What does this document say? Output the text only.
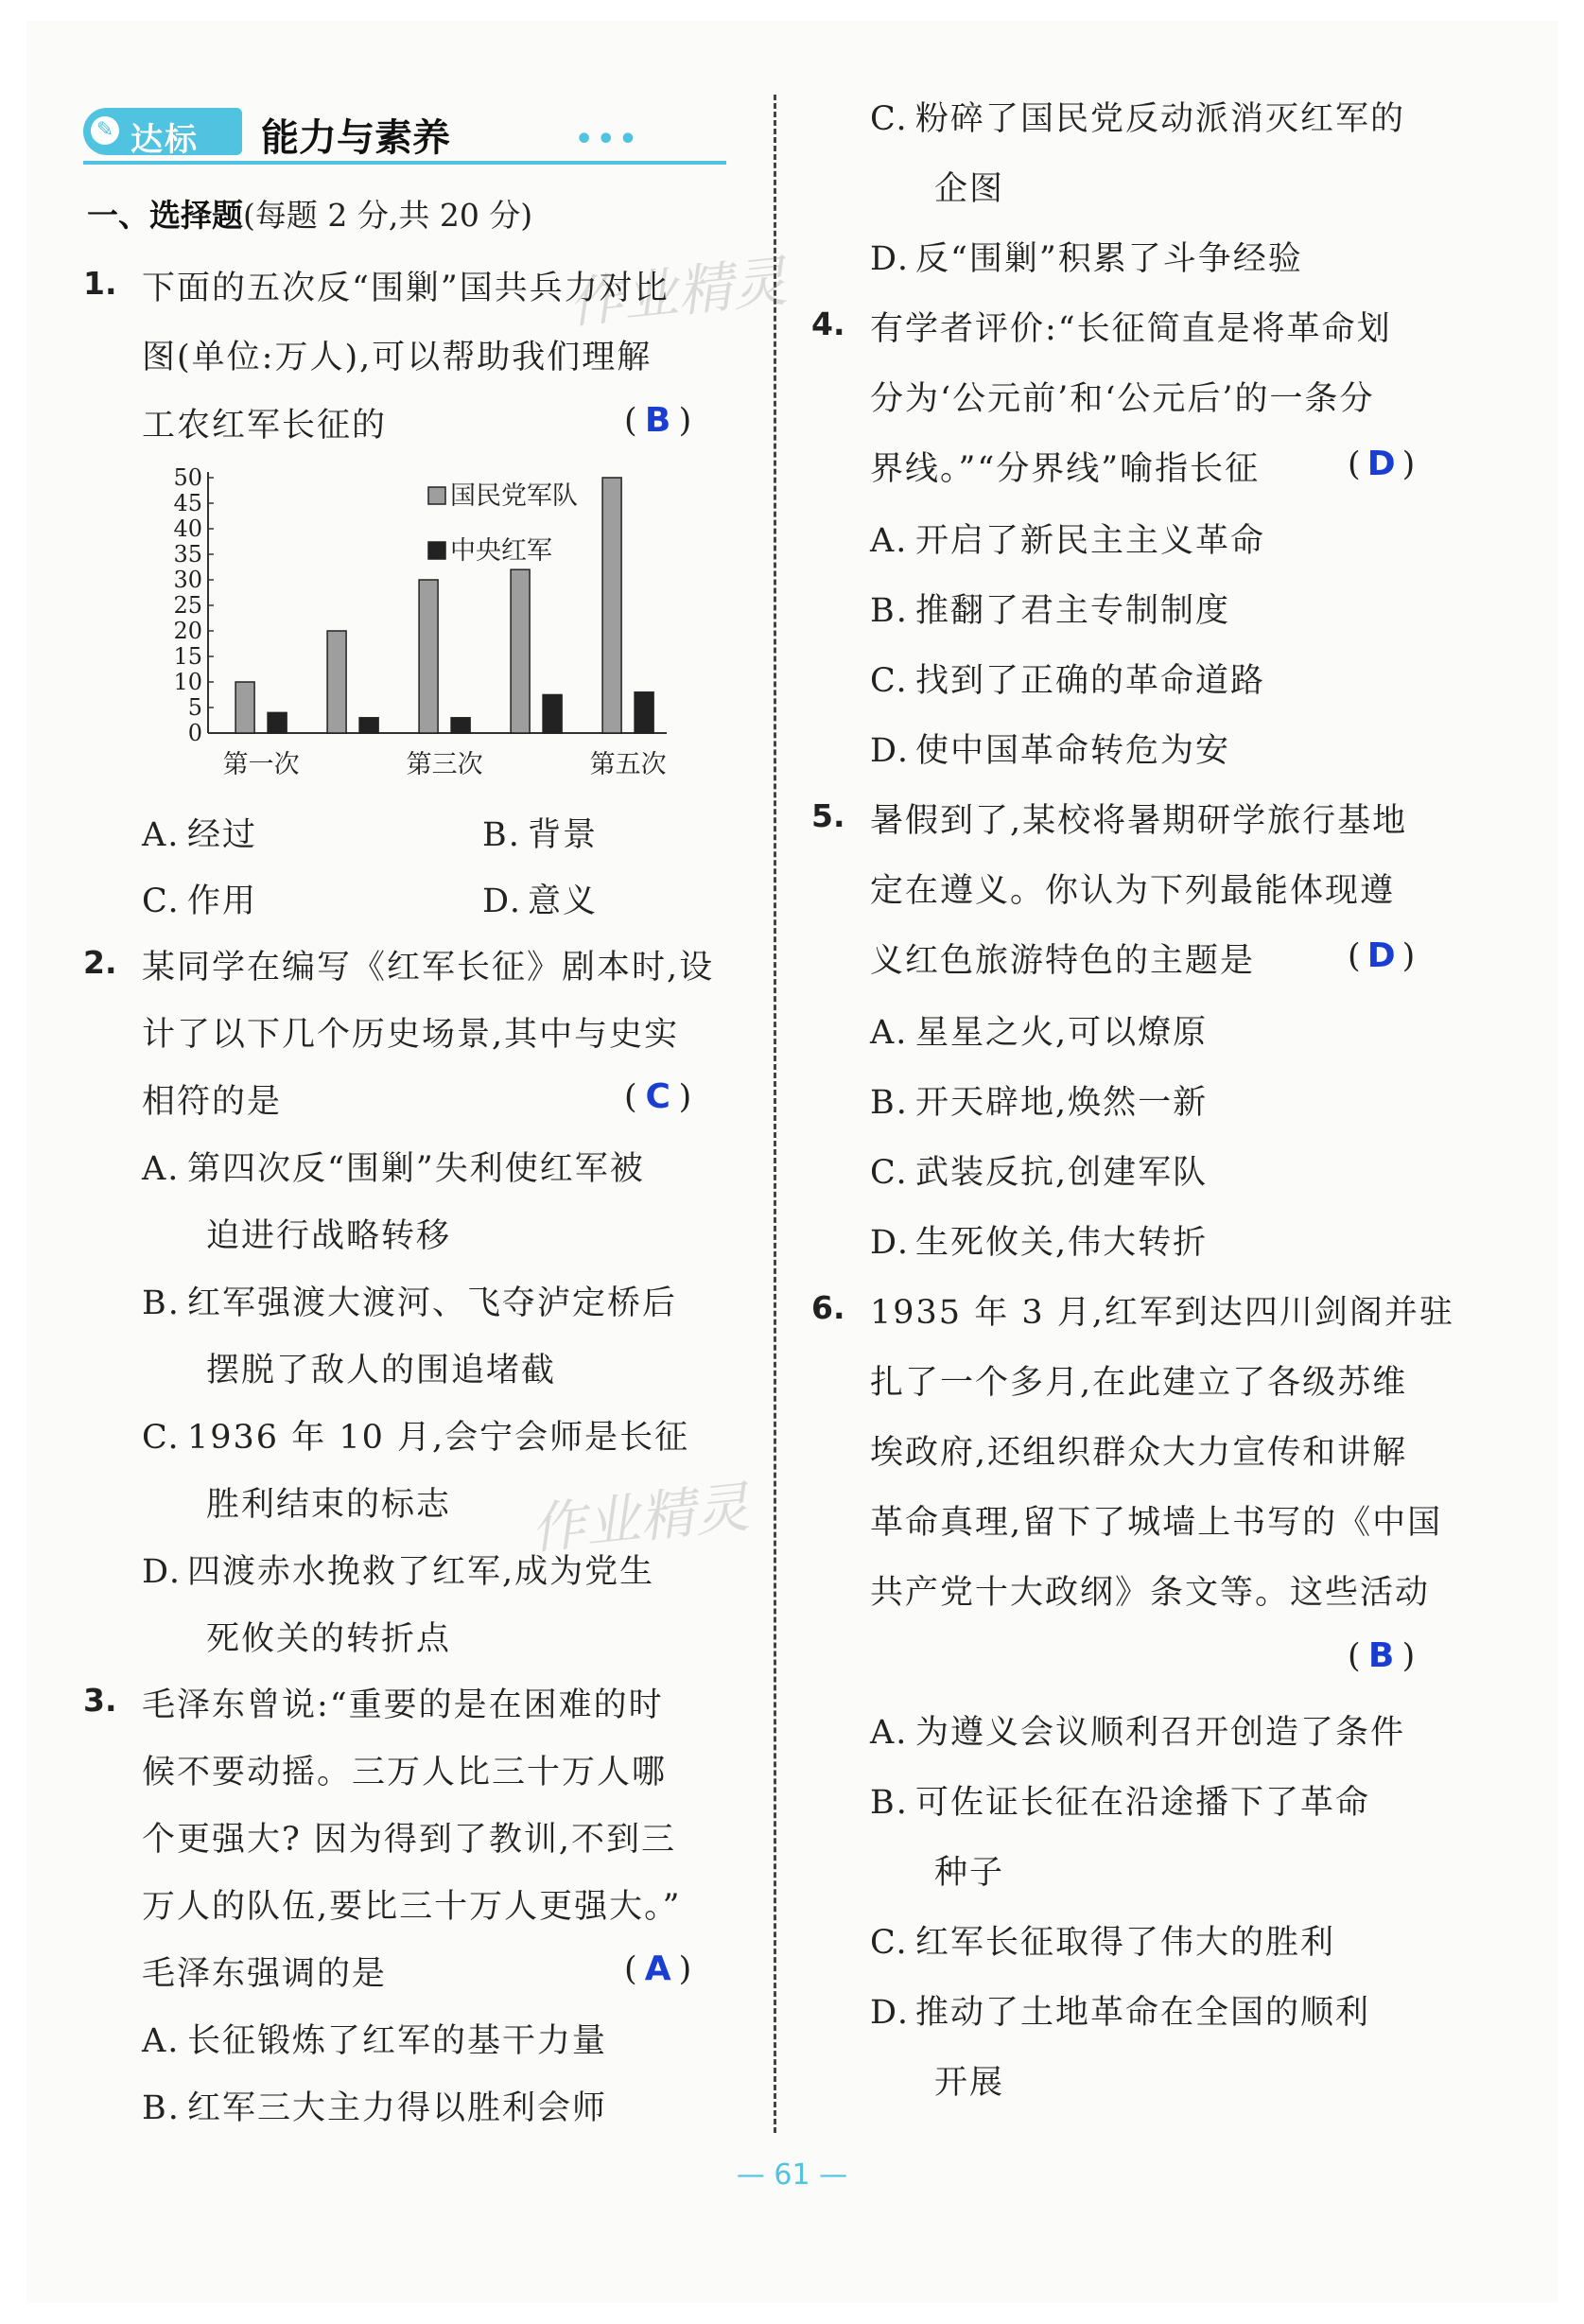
✎ 达标 能力与素养	•••
一、选择题(每题 2 分,共 20 分)
作业精灵
作业精灵
1. 下面的五次反“围剿”国共兵力对比
图(单位:万人),可以帮助我们理解
工农红军长征的	( B )
0
5
10
15
20
25
30
35
40
45
50
第一次	第三次	第五次
国民党军队
中央红军
A. 经过	B. 背景
C. 作用	D. 意义
2. 某同学在编写《红军长征》剧本时,设
计了以下几个历史场景,其中与史实
相符的是	( C )
A. 第四次反“围剿”失利使红军被
迫进行战略转移
B. 红军强渡大渡河、飞夺泸定桥后
摆脱了敌人的围追堵截
C. 1936 年 10 月,会宁会师是长征
胜利结束的标志
D. 四渡赤水挽救了红军,成为党生
死攸关的转折点
3. 毛泽东曾说:“重要的是在困难的时
候不要动摇。三万人比三十万人哪
个更强大? 因为得到了教训,不到三
万人的队伍,要比三十万人更强大。”
毛泽东强调的是	( A )
A. 长征锻炼了红军的基干力量
B. 红军三大主力得以胜利会师
C. 粉碎了国民党反动派消灭红军的
企图
D. 反“围剿”积累了斗争经验
4. 有学者评价:“长征简直是将革命划
分为‘公元前’和‘公元后’的一条分
界线。”“分界线”喻指长征	( D )
A. 开启了新民主主义革命
B. 推翻了君主专制制度
C. 找到了正确的革命道路
D. 使中国革命转危为安
5. 暑假到了,某校将暑期研学旅行基地
定在遵义。你认为下列最能体现遵
义红色旅游特色的主题是	( D )
A. 星星之火,可以燎原
B. 开天辟地,焕然一新
C. 武装反抗,创建军队
D. 生死攸关,伟大转折
6. 1935 年 3 月,红军到达四川剑阁并驻
扎了一个多月,在此建立了各级苏维
埃政府,还组织群众大力宣传和讲解
革命真理,留下了城墙上书写的《中国
共产党十大政纲》条文等。这些活动
( B )
A. 为遵义会议顺利召开创造了条件
B. 可佐证长征在沿途播下了革命
种子
C. 红军长征取得了伟大的胜利
D. 推动了土地革命在全国的顺利
开展
— 61 —
